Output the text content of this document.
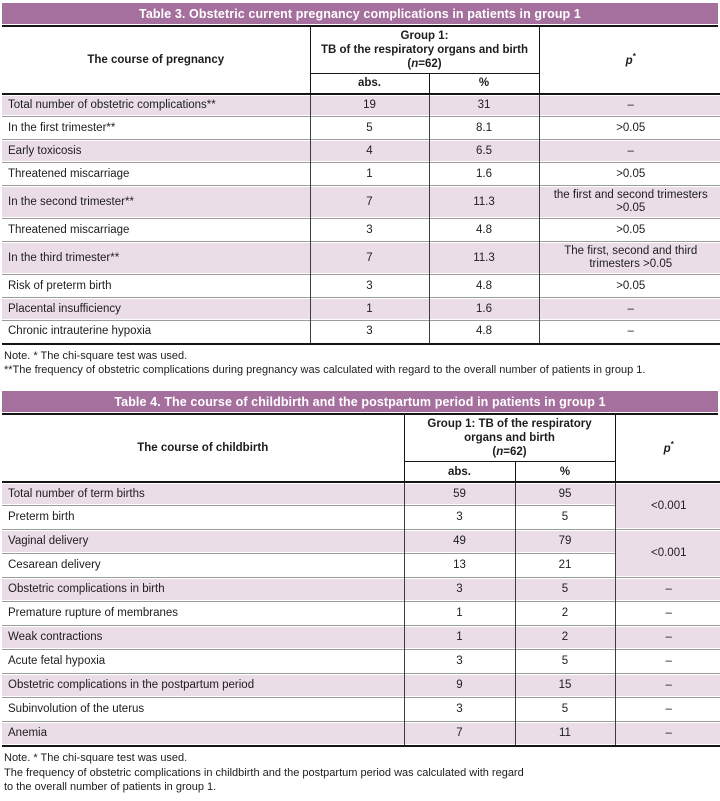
Table 3. Obstetric current pregnancy complications in patients in group 1
The course of pregnancy	Group 1:
TB of the respiratory organs and birth
(n=62)		p*
	abs.	%	
Total number of obstetric complications**	19	31	–
In the first trimester**	5	8.1	>0.05
Early toxicosis	4	6.5	–
Threatened miscarriage	1	1.6	>0.05
In the second trimester**	7	11.3	the first and second trimesters >0.05
Threatened miscarriage	3	4.8	>0.05
In the third trimester**	7	11.3	The first, second and third trimesters >0.05
Risk of preterm birth	3	4.8	>0.05
Placental insufficiency	1	1.6	–
Chronic intrauterine hypoxia	3	4.8	–
Note. * The chi-square test was used.
**The frequency of obstetric complications during pregnancy was calculated with regard to the overall number of patients in group 1.
Table 4. The course of childbirth and the postpartum period in patients in group 1
The course of childbirth	Group 1: TB of the respiratory
organs and birth
(n=62)		p*
	abs.	%	
Total number of term births	59	95	<0.001
Preterm birth	3	5	
Vaginal delivery	49	79	<0.001
Cesarean delivery	13	21	
Obstetric complications in birth	3	5	–
Premature rupture of membranes	1	2	–
Weak contractions	1	2	–
Acute fetal hypoxia	3	5	–
Obstetric complications in the postpartum period	9	15	–
Subinvolution of the uterus	3	5	–
Anemia	7	11	–
Note. * The chi-square test was used.
The frequency of obstetric complications in childbirth and the postpartum period was calculated with regard
to the overall number of patients in group 1.
